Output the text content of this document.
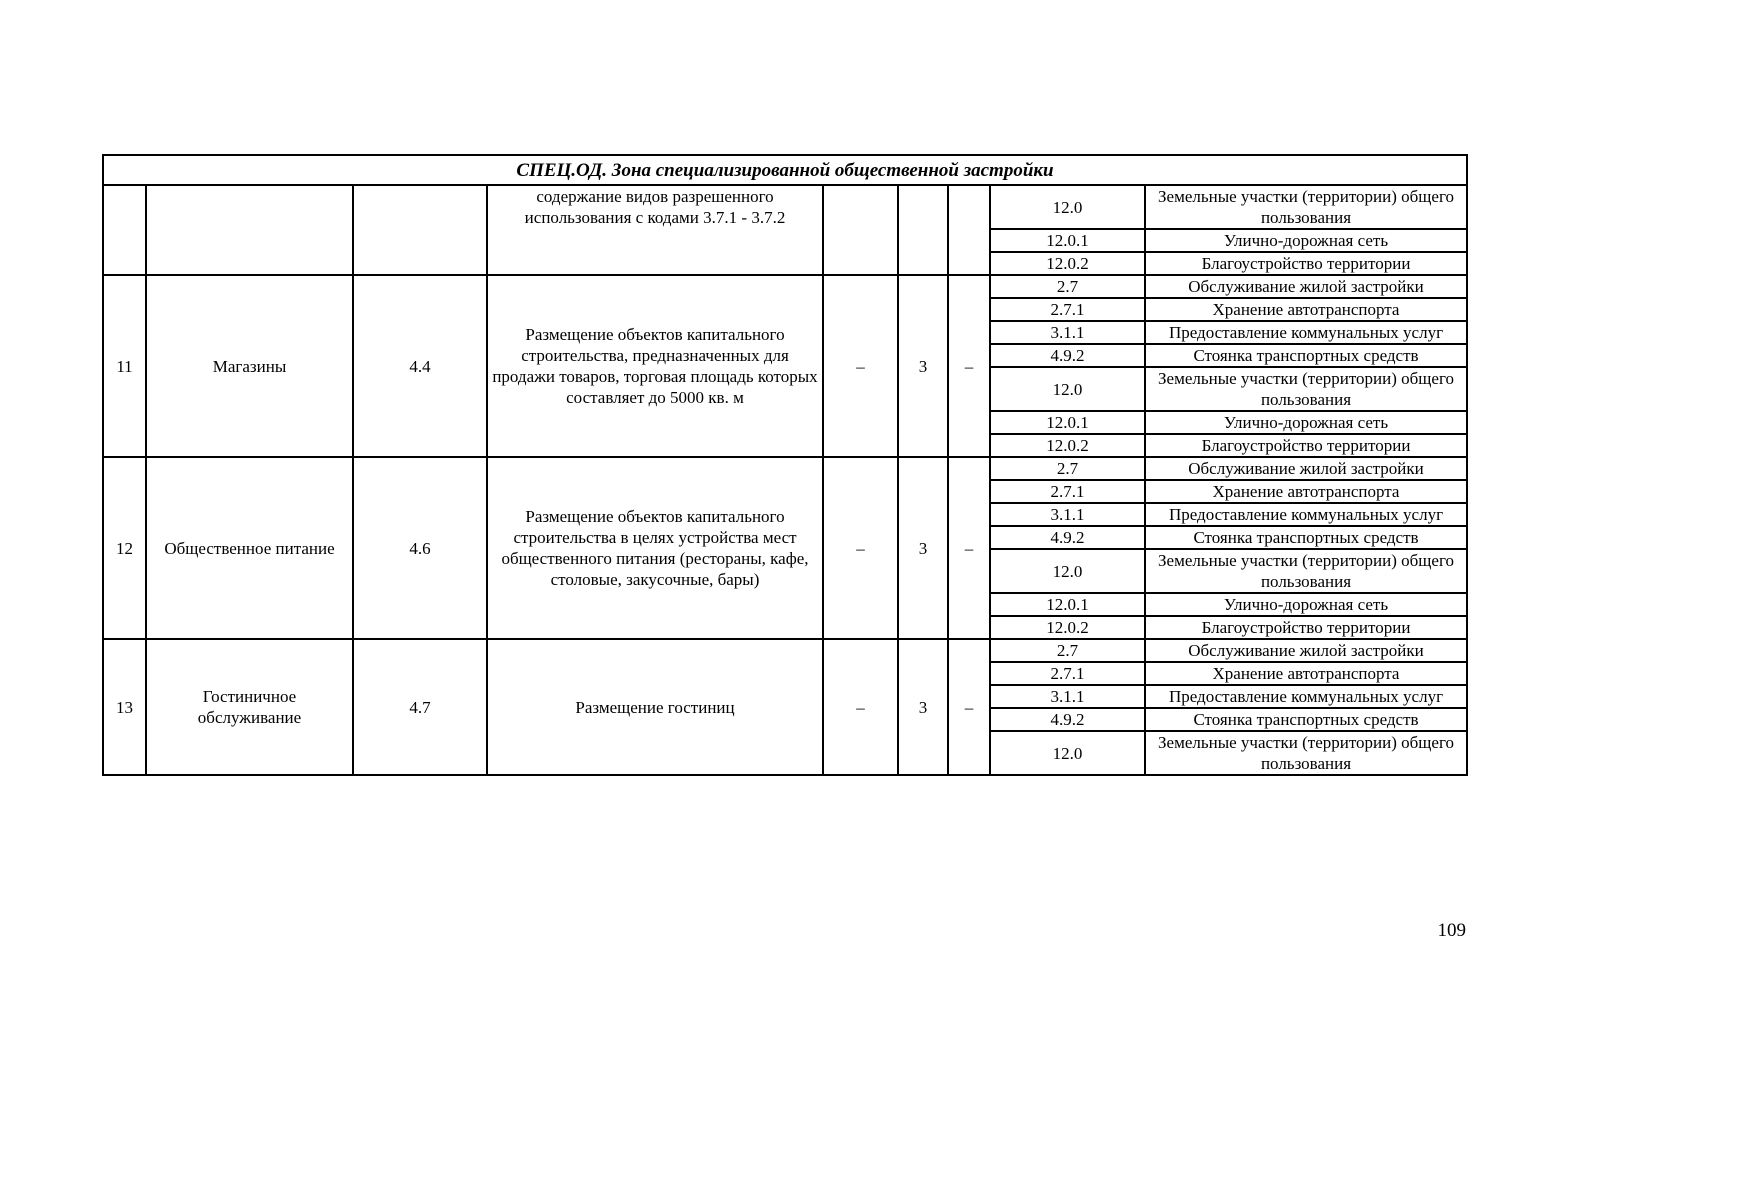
СПЕЦ.ОД. Зона специализированной общественной застройки								
			содержание видов разрешенного использования с кодами 3.7.1 - 3.7.2				12.0	Земельные участки (территории) общего пользования
							12.0.1	Улично-дорожная сеть
							12.0.2	Благоустройство территории
11	Магазины	4.4	Размещение объектов капитального строительства, предназначенных для продажи товаров, торговая площадь которых составляет до 5000 кв. м	–	3	–	2.7	Обслуживание жилой застройки
							2.7.1	Хранение автотранспорта
							3.1.1	Предоставление коммунальных услуг
							4.9.2	Стоянка транспортных средств
							12.0	Земельные участки (территории) общего пользования
							12.0.1	Улично-дорожная сеть
							12.0.2	Благоустройство территории
12	Общественное питание	4.6	Размещение объектов капитального строительства в целях устройства мест общественного питания (рестораны, кафе, столовые, закусочные, бары)	–	3	–	2.7	Обслуживание жилой застройки
							2.7.1	Хранение автотранспорта
							3.1.1	Предоставление коммунальных услуг
							4.9.2	Стоянка транспортных средств
							12.0	Земельные участки (территории) общего пользования
							12.0.1	Улично-дорожная сеть
							12.0.2	Благоустройство территории
13	Гостиничное обслуживание	4.7	Размещение гостиниц	–	3	–	2.7	Обслуживание жилой застройки
							2.7.1	Хранение автотранспорта
							3.1.1	Предоставление коммунальных услуг
							4.9.2	Стоянка транспортных средств
							12.0	Земельные участки (территории) общего пользования
109
